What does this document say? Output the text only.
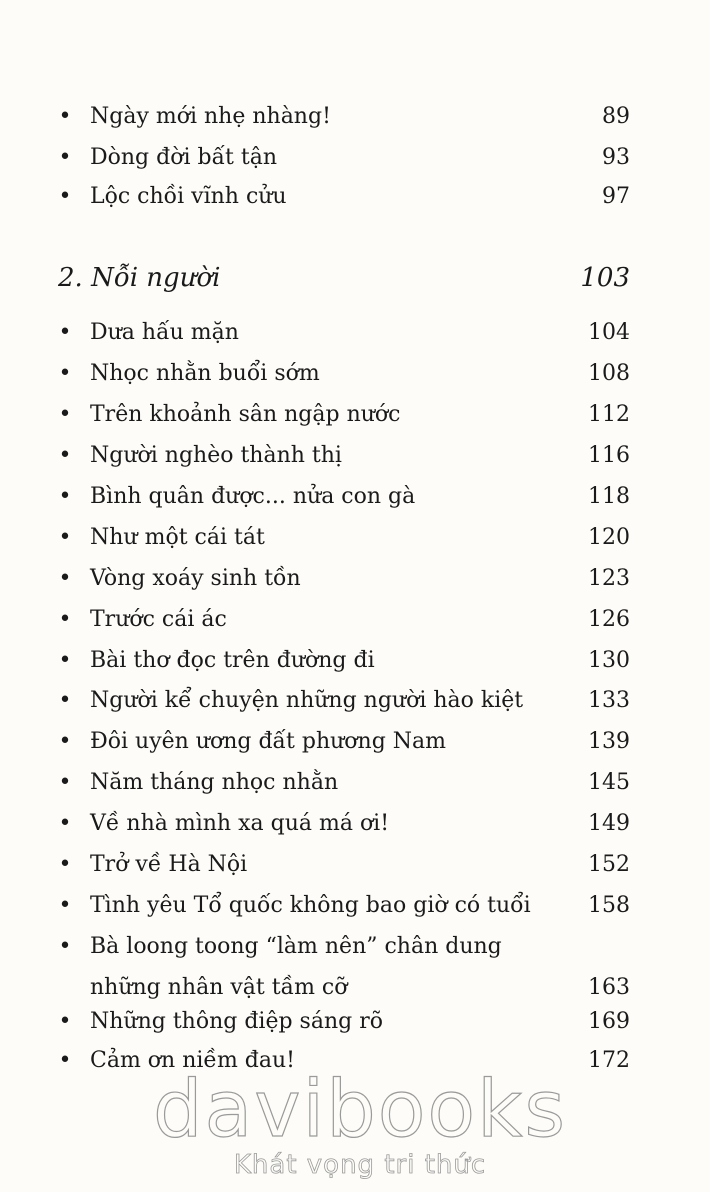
• Ngày mới nhẹ nhàng!	89
• Dòng đời bất tận	93
• Lộc chồi vĩnh cửu	97
2. Nỗi người	103
• Dưa hấu mặn	104
• Nhọc nhằn buổi sớm	108
• Trên khoảnh sân ngập nước	112
• Người nghèo thành thị	116
• Bình quân được... nửa con gà	118
• Như một cái tát	120
• Vòng xoáy sinh tồn	123
• Trước cái ác	126
• Bài thơ đọc trên đường đi	130
• Người kể chuyện những người hào kiệt	133
• Đôi uyên ương đất phương Nam	139
• Năm tháng nhọc nhằn	145
• Về nhà mình xa quá má ơi!	149
• Trở về Hà Nội	152
• Tình yêu Tổ quốc không bao giờ có tuổi	158
• Bà loong toong “làm nên” chân dung
những nhân vật tầm cỡ	163
• Những thông điệp sáng rõ	169
• Cảm ơn niềm đau!	172
davibooks
Khát vọng tri thức
